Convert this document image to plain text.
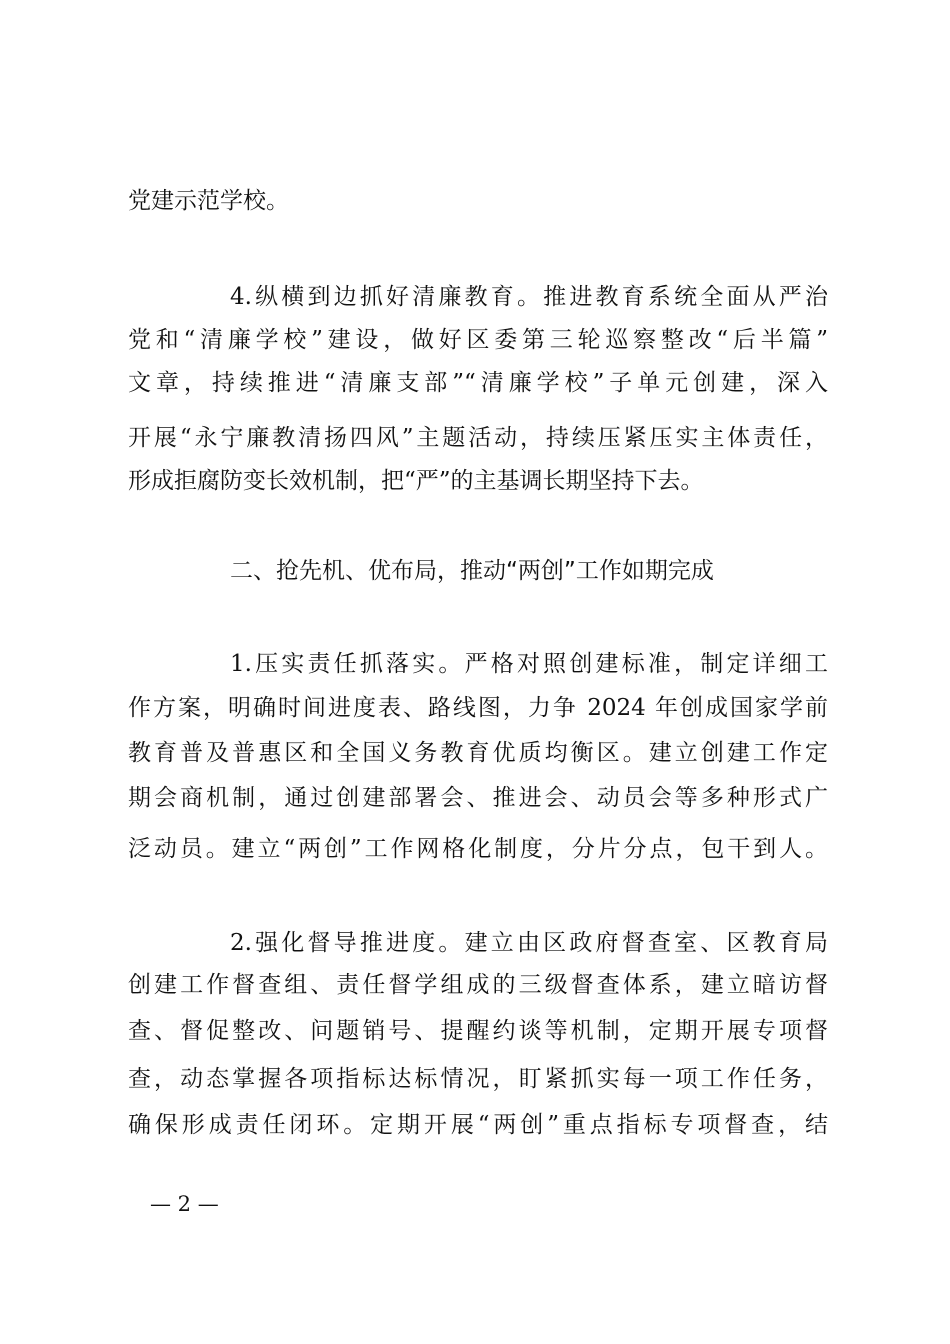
党建示范学校。
4.纵横到边抓好清廉教育。推进教育系统全面从严治
党和“清廉学校”建设，做好区委第三轮巡察整改“后半篇”
文章，持续推进“清廉支部”“清廉学校”子单元创建，深入
开展“永宁廉教清扬四风”主题活动，持续压紧压实主体责任，
形成拒腐防变长效机制，把“严”的主基调长期坚持下去。
二、抢先机、优布局，推动“两创”工作如期完成
1.压实责任抓落实。严格对照创建标准，制定详细工
作方案，明确时间进度表、路线图，力争 2024 年创成国家学前
教育普及普惠区和全国义务教育优质均衡区。建立创建工作定
期会商机制，通过创建部署会、推进会、动员会等多种形式广
泛动员。建立“两创”工作网格化制度，分片分点，包干到人。
2.强化督导推进度。建立由区政府督查室、区教育局
创建工作督查组、责任督学组成的三级督查体系，建立暗访督
查、督促整改、问题销号、提醒约谈等机制，定期开展专项督
查，动态掌握各项指标达标情况，盯紧抓实每一项工作任务，
确保形成责任闭环。定期开展“两创”重点指标专项督查，结
— 2 —
